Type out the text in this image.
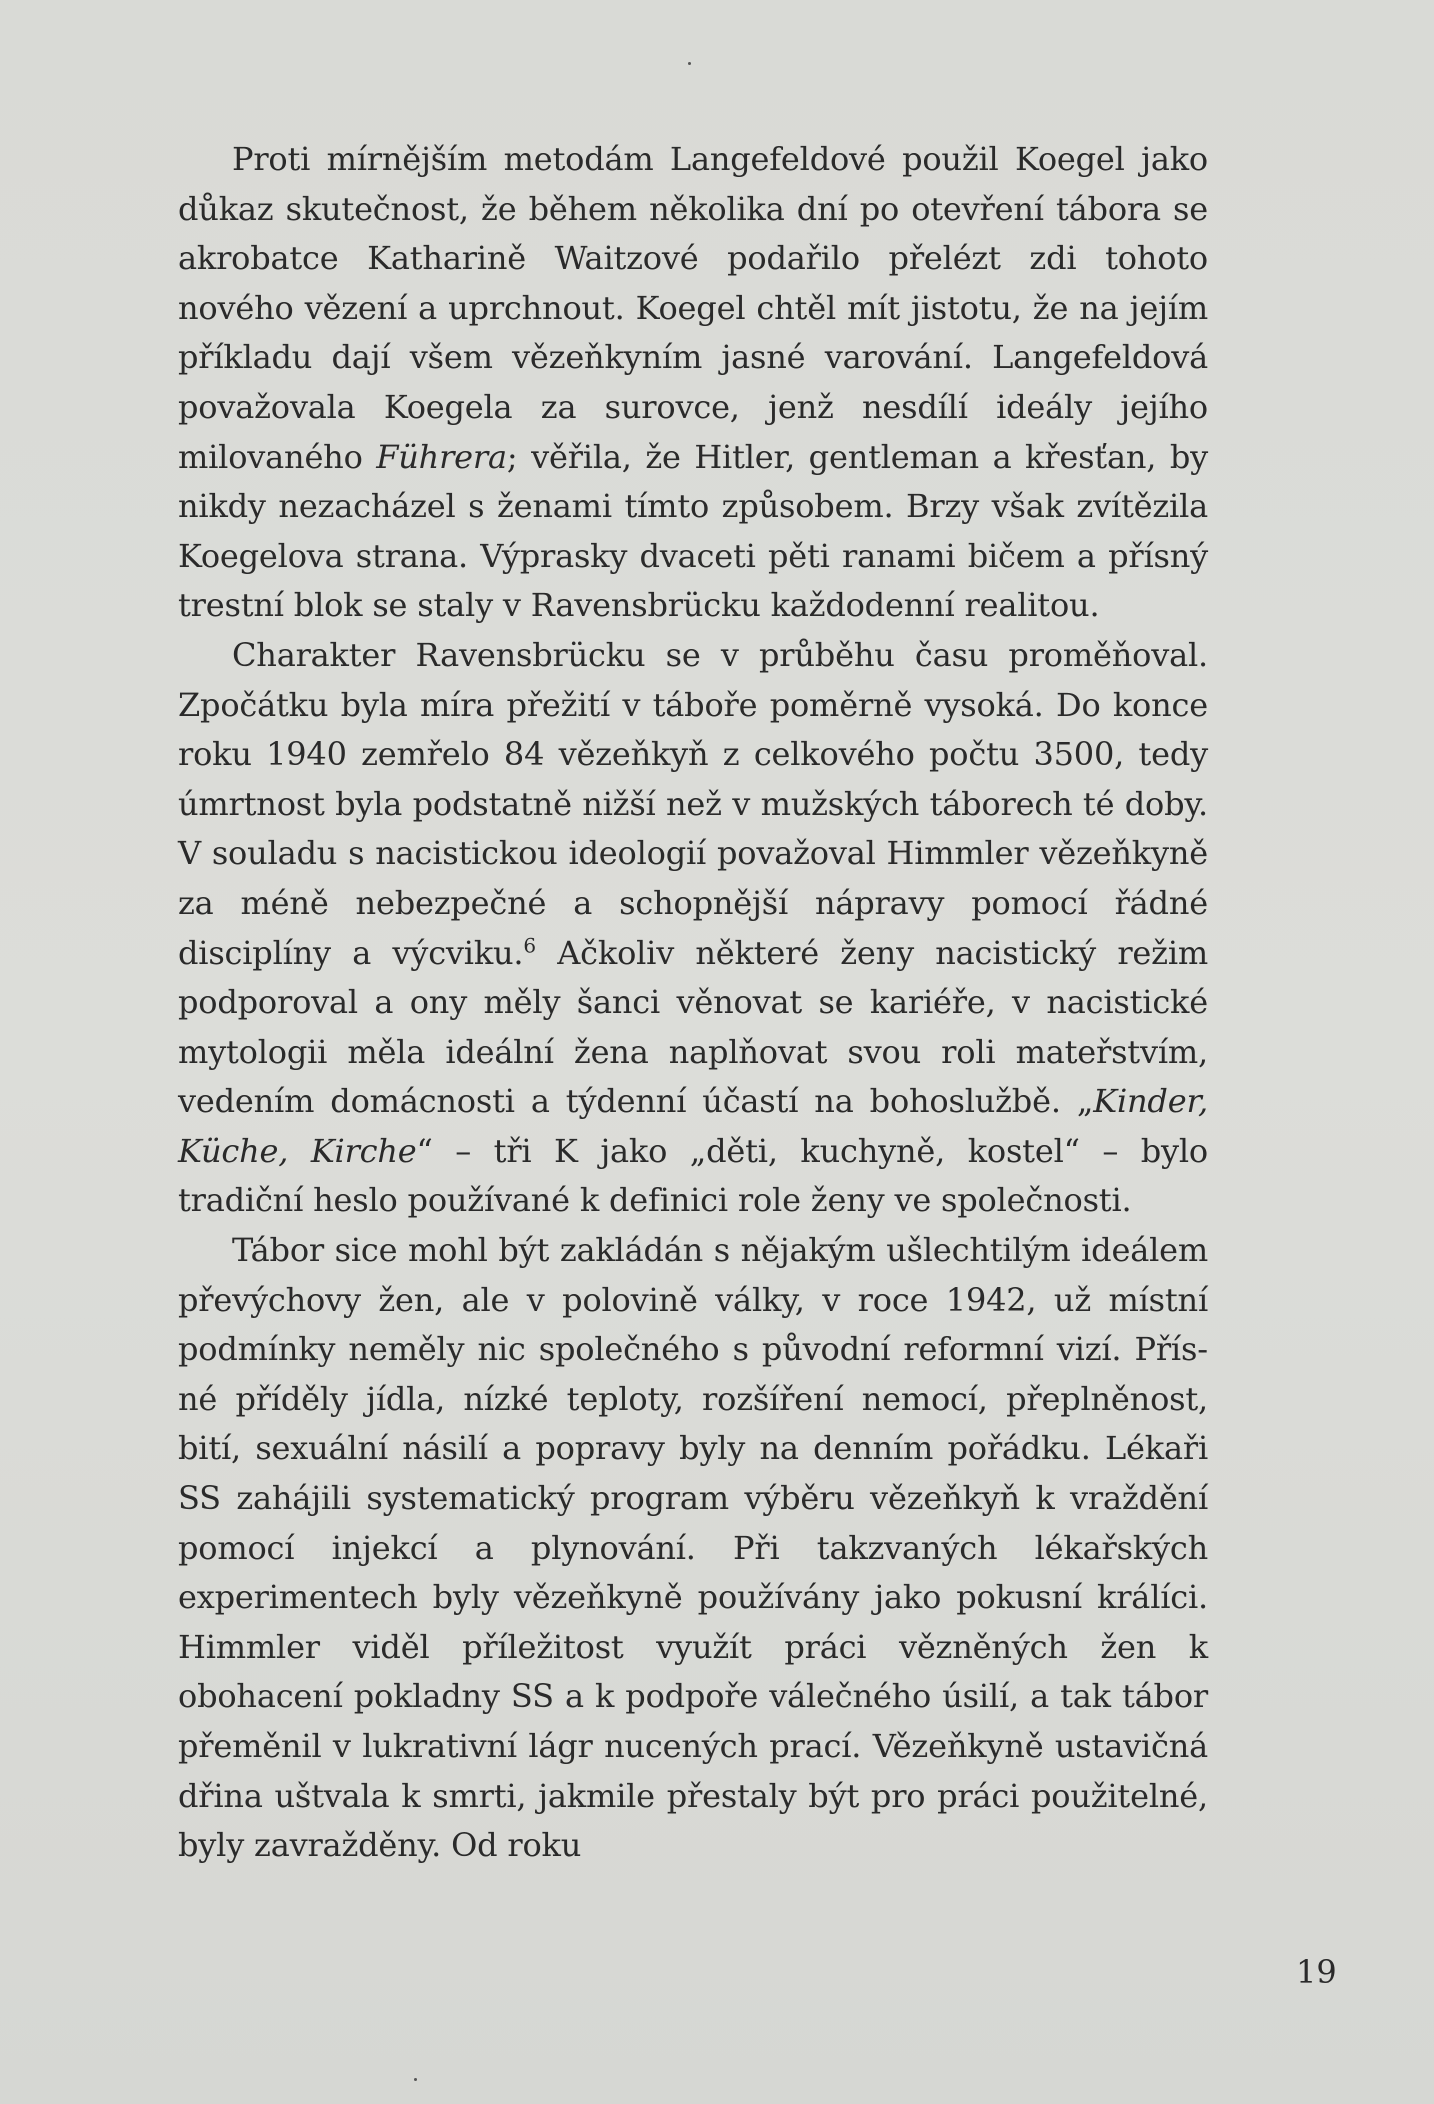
Proti mírnějším metodám Langefeldové použil Koegel jako důkaz skutečnost, že během několika dní po otevření tábora se akrobatce Katharině Waitzové podařilo přelézt zdi tohoto nového vězení a uprchnout. Koegel chtěl mít jistotu, že na jejím příkladu dají všem vězeňkyním jasné varování. Langefeldová považovala Koegela za surovce, jenž nesdílí ideály jejího milovaného Führera; věřila, že Hitler, gentleman a křesťan, by nikdy nezacházel s ženami tímto způsobem. Brzy však zvítězila Koegelova strana. Výprasky dvaceti pěti ranami bičem a přísný trestní blok se staly v Ravensbrücku každodenní realitou.

Charakter Ravensbrücku se v průběhu času proměňoval. Zpočátku byla míra přežití v táboře poměrně vysoká. Do konce roku 1940 zemřelo 84 vězeňkyň z celkového počtu 3500, tedy úmrtnost byla podstatně nižší než v mužských táborech té doby. V souladu s nacistickou ideologií považoval Himmler vězeňkyně za méně nebezpečné a schopnější nápravy pomocí řádné disciplíny a výcviku.$^6$ Ačkoliv některé ženy nacistický režim podporoval a ony měly šanci věnovat se kariéře, v nacistické mytologii měla ideální žena naplňovat svou roli mateřstvím, vedením domácnosti a týdenní účastí na bohoslužbě. „Kinder, Küche, Kirche“ – tři K jako „děti, kuchyně, kostel“ – bylo tradiční heslo používané k definici role ženy ve společnosti.

Tábor sice mohl být zakládán s nějakým ušlechtilým ideálem převýchovy žen, ale v polovině války, v roce 1942, už místní podmínky neměly nic společného s původní reformní vizí. Přísné příděly jídla, nízké teploty, rozšíření nemocí, přeplněnost, bití, sexuální násilí a popravy byly na denním pořádku. Lékaři SS zahájili systematický program výběru vězeňkyň k vraždění pomocí injekcí a plynování. Při takzvaných lékařských experimentech byly vězeňkyně používány jako pokusní králíci. Himmler viděl příležitost využít práci vězněných žen k obohacení pokladny SS a k podpoře válečného úsilí, a tak tábor přeměnil v lukrativní lágr nucených prací. Vězeňkyně ustavičná dřina uštvala k smrti, jakmile přestaly být pro práci použitelné, byly zavražděny. Od roku

19
